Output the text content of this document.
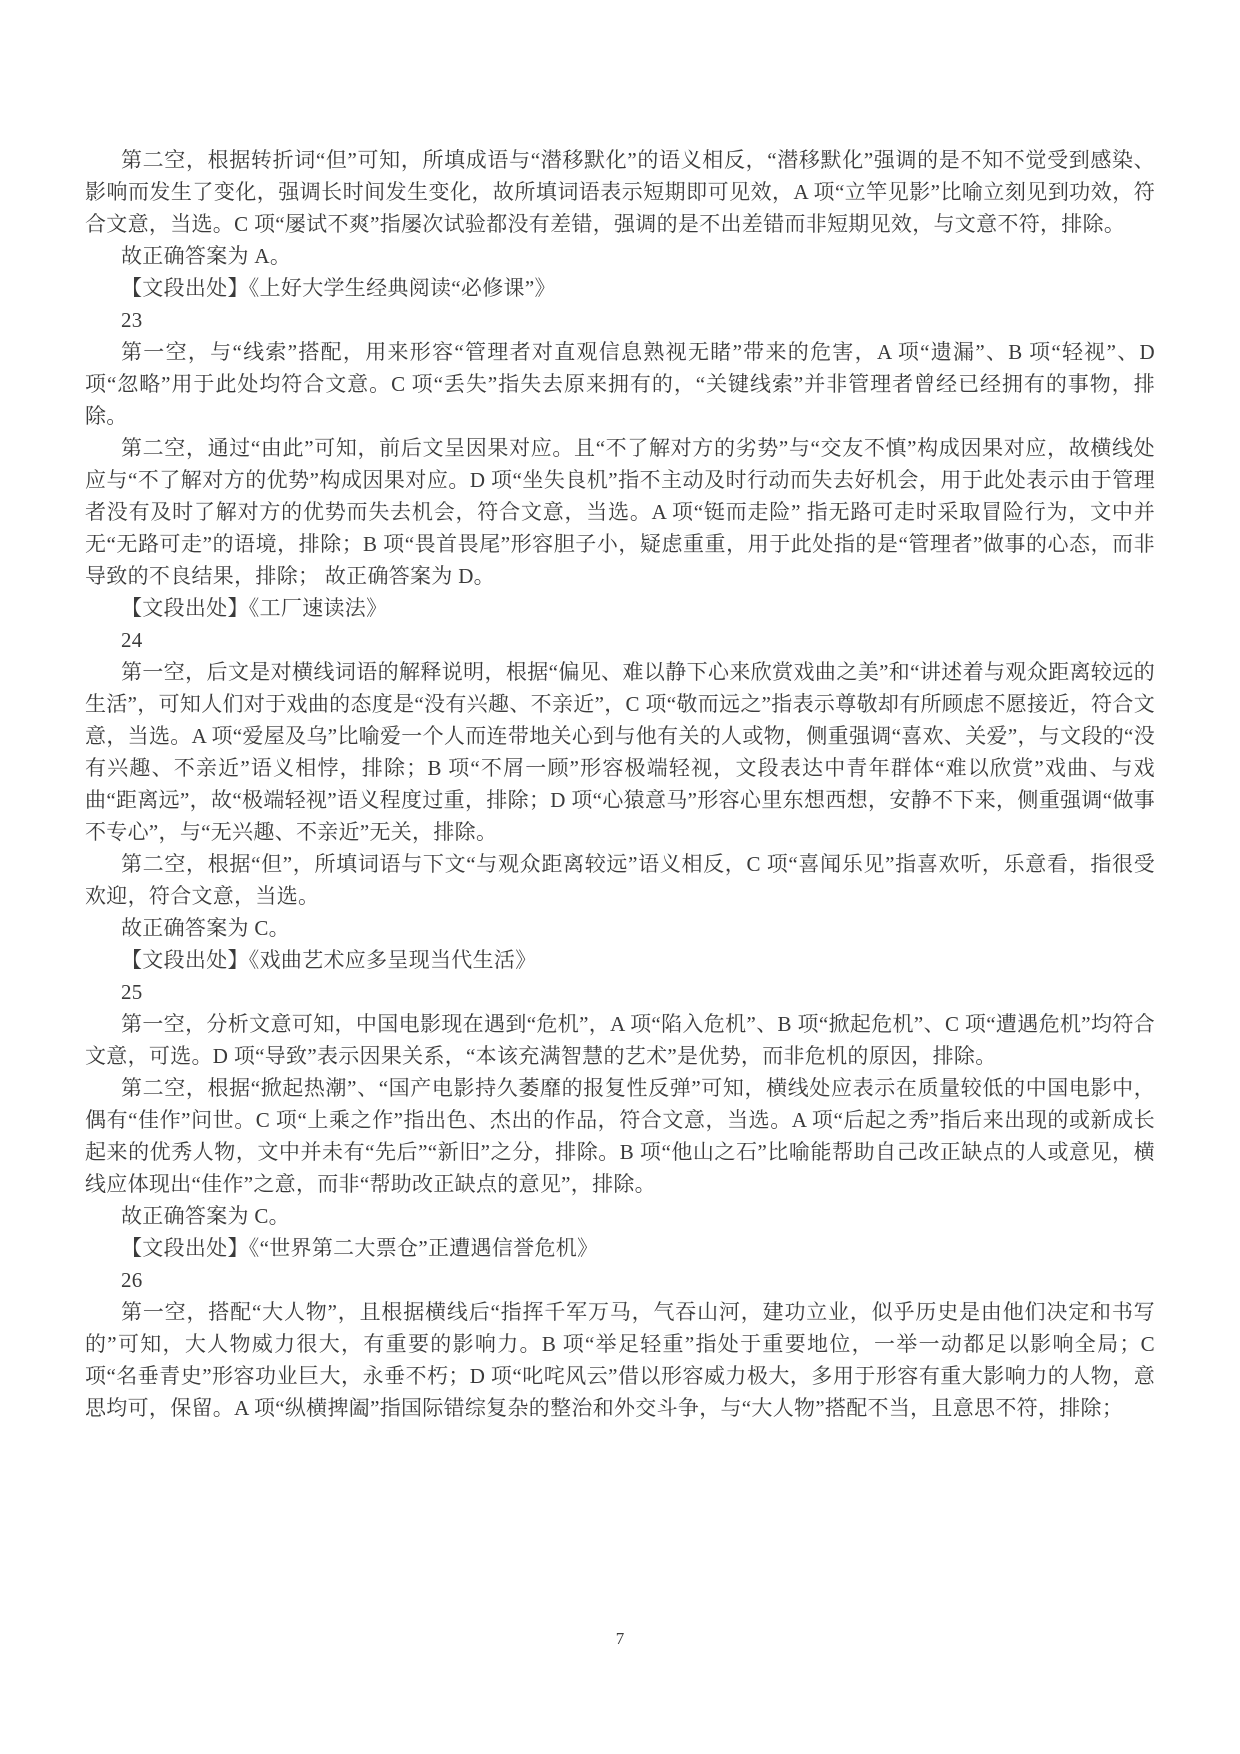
第二空，根据转折词“但”可知，所填成语与“潜移默化”的语义相反，“潜移默化”强调的是不知不觉受到感染、影响而发生了变化，强调长时间发生变化，故所填词语表示短期即可见效，A 项“立竿见影”比喻立刻见到功效，符合文意，当选。C 项“屡试不爽”指屡次试验都没有差错，强调的是不出差错而非短期见效，与文意不符，排除。

故正确答案为 A。

【文段出处】《上好大学生经典阅读“必修课”》

23

第一空，与“线索”搭配，用来形容“管理者对直观信息熟视无睹”带来的危害，A 项“遗漏”、B 项“轻视”、D 项“忽略”用于此处均符合文意。C 项“丢失”指失去原来拥有的，“关键线索”并非管理者曾经已经拥有的事物，排除。

第二空，通过“由此”可知，前后文呈因果对应。且“不了解对方的劣势”与“交友不慎”构成因果对应，故横线处应与“不了解对方的优势”构成因果对应。D 项“坐失良机”指不主动及时行动而失去好机会，用于此处表示由于管理者没有及时了解对方的优势而失去机会，符合文意，当选。A 项“铤而走险” 指无路可走时采取冒险行为，文中并无“无路可走”的语境，排除；B 项“畏首畏尾”形容胆子小，疑虑重重，用于此处指的是“管理者”做事的心态，而非导致的不良结果，排除； 故正确答案为 D。

【文段出处】《工厂速读法》

24

第一空，后文是对横线词语的解释说明，根据“偏见、难以静下心来欣赏戏曲之美”和“讲述着与观众距离较远的生活”，可知人们对于戏曲的态度是“没有兴趣、不亲近”，C 项“敬而远之”指表示尊敬却有所顾虑不愿接近，符合文意，当选。A 项“爱屋及乌”比喻爱一个人而连带地关心到与他有关的人或物，侧重强调“喜欢、关爱”，与文段的“没有兴趣、不亲近”语义相悖，排除；B 项“不屑一顾”形容极端轻视，文段表达中青年群体“难以欣赏”戏曲、与戏曲“距离远”，故“极端轻视”语义程度过重，排除；D 项“心猿意马”形容心里东想西想，安静不下来，侧重强调“做事不专心”，与“无兴趣、不亲近”无关，排除。

第二空，根据“但”，所填词语与下文“与观众距离较远”语义相反，C 项“喜闻乐见”指喜欢听，乐意看，指很受欢迎，符合文意，当选。

故正确答案为 C。

【文段出处】《戏曲艺术应多呈现当代生活》

25

第一空，分析文意可知，中国电影现在遇到“危机”，A 项“陷入危机”、B 项“掀起危机”、C 项“遭遇危机”均符合文意，可选。D 项“导致”表示因果关系，“本该充满智慧的艺术”是优势，而非危机的原因，排除。

第二空，根据“掀起热潮”、“国产电影持久萎靡的报复性反弹”可知，横线处应表示在质量较低的中国电影中，偶有“佳作”问世。C 项“上乘之作”指出色、杰出的作品，符合文意，当选。A 项“后起之秀”指后来出现的或新成长起来的优秀人物，文中并未有“先后”“新旧”之分，排除。B 项“他山之石”比喻能帮助自己改正缺点的人或意见，横线应体现出“佳作”之意，而非“帮助改正缺点的意见”，排除。

故正确答案为 C。

【文段出处】《“世界第二大票仓”正遭遇信誉危机》

26

第一空，搭配“大人物”，且根据横线后“指挥千军万马，气吞山河，建功立业，似乎历史是由他们决定和书写的”可知，大人物威力很大，有重要的影响力。B 项“举足轻重”指处于重要地位，一举一动都足以影响全局；C 项“名垂青史”形容功业巨大，永垂不朽；D 项“叱咤风云”借以形容威力极大，多用于形容有重大影响力的人物，意思均可，保留。A 项“纵横捭阖”指国际错综复杂的整治和外交斗争，与“大人物”搭配不当，且意思不符，排除；

7
